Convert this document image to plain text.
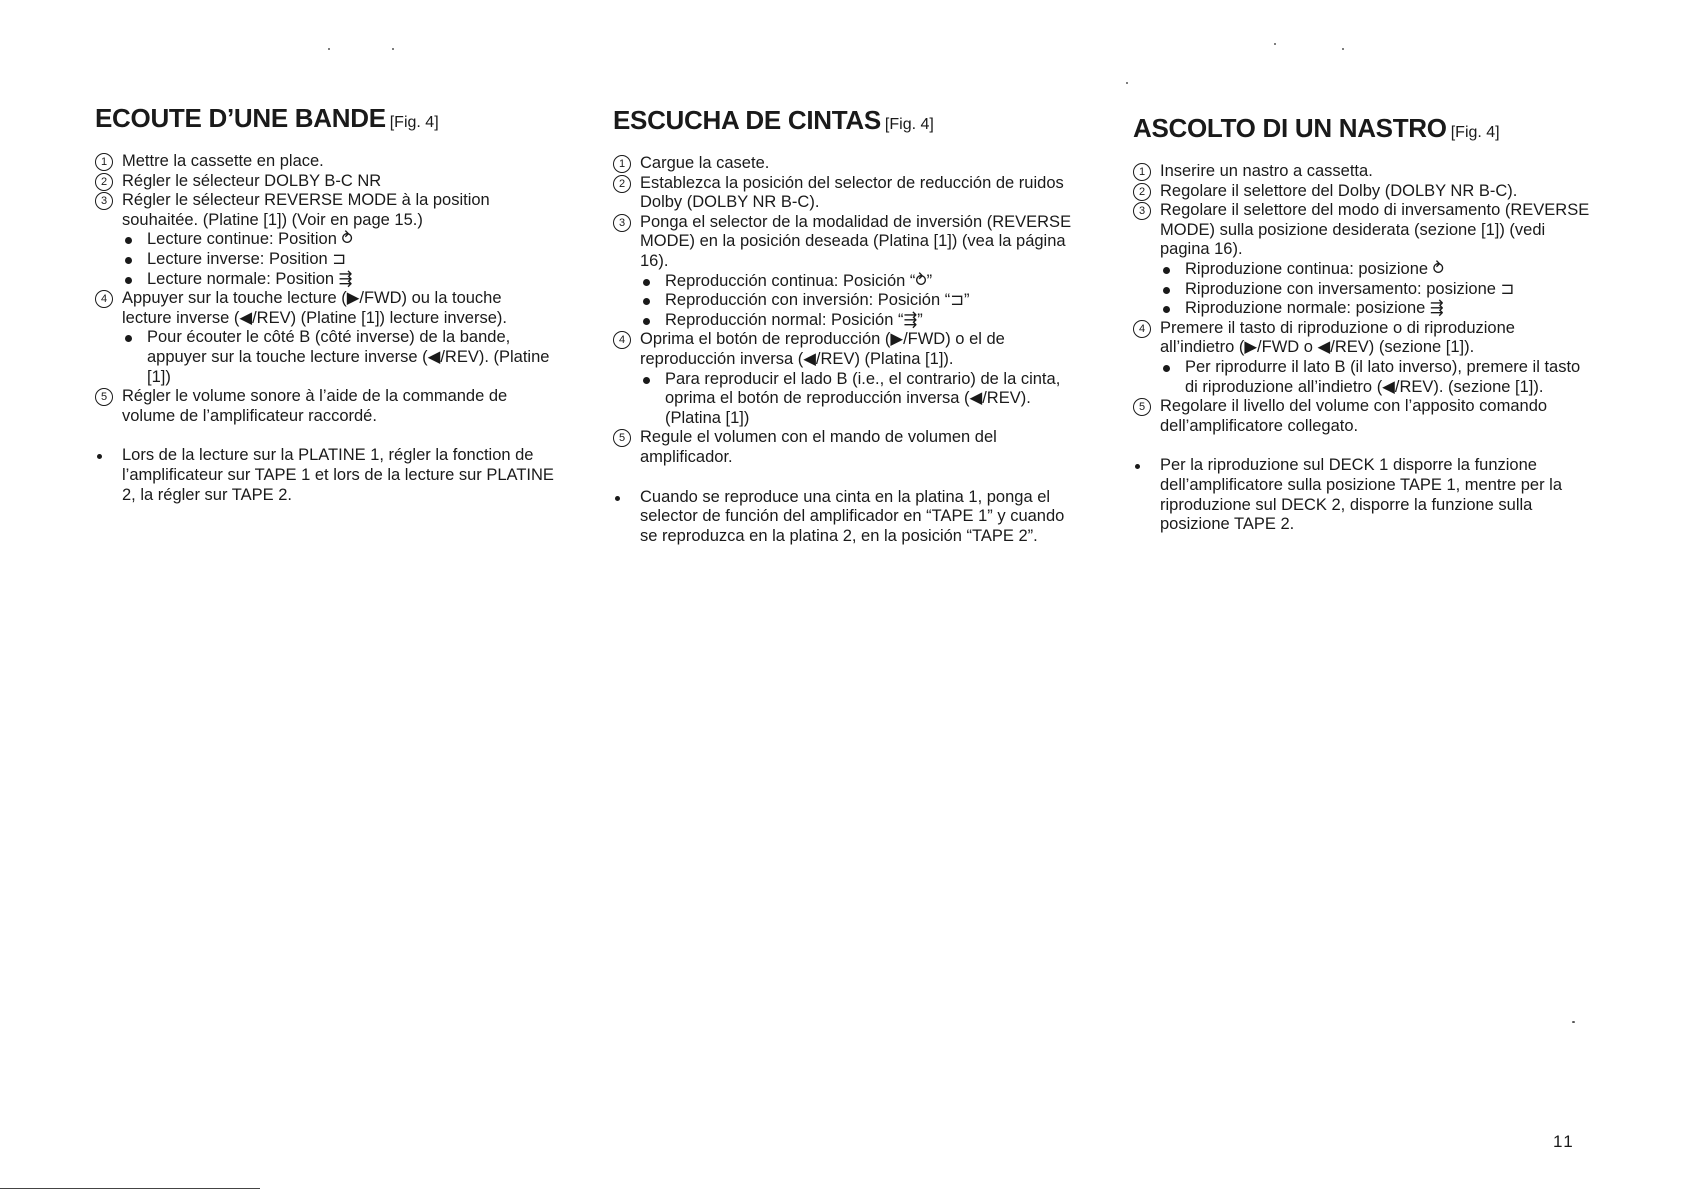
ECOUTE D’UNE BANDE [Fig. 4]
1 Mettre la cassette en place.
2 Régler le sélecteur DOLBY B-C NR
3 Régler le sélecteur REVERSE MODE à la position souhaitée. (Platine [1]) (Voir en page 15.)
Lecture continue: Position ⥁
Lecture inverse: Position ⊐
Lecture normale: Position ⇶
4 Appuyer sur la touche lecture (▶/FWD) ou la touche lecture inverse (◀/REV) (Platine [1]) lecture inverse).
Pour écouter le côté B (côté inverse) de la bande, appuyer sur la touche lecture inverse (◀/REV). (Platine [1])
5 Régler le volume sonore à l’aide de la commande de volume de l’amplificateur raccordé.
Lors de la lecture sur la PLATINE 1, régler la fonction de l’amplificateur sur TAPE 1 et lors de la lecture sur PLATINE 2, la régler sur TAPE 2.
ESCUCHA DE CINTAS [Fig. 4]
1 Cargue la casete.
2 Establezca la posición del selector de reducción de ruidos Dolby (DOLBY NR B-C).
3 Ponga el selector de la modalidad de inversión (REVERSE MODE) en la posición deseada (Platina [1]) (vea la página 16).
Reproducción continua: Posición “⥁”
Reproducción con inversión: Posición “⊐”
Reproducción normal: Posición “⇶”
4 Oprima el botón de reproducción (▶/FWD) o el de reproducción inversa (◀/REV) (Platina [1]).
Para reproducir el lado B (i.e., el contrario) de la cinta, oprima el botón de reproducción inversa (◀/REV). (Platina [1])
5 Regule el volumen con el mando de volumen del amplificador.
Cuando se reproduce una cinta en la platina 1, ponga el selector de función del amplificador en “TAPE 1” y cuando se reproduzca en la platina 2, en la posición “TAPE 2”.
ASCOLTO DI UN NASTRO [Fig. 4]
1 Inserire un nastro a cassetta.
2 Regolare il selettore del Dolby (DOLBY NR B-C).
3 Regolare il selettore del modo di inversamento (REVERSE MODE) sulla posizione desiderata (sezione [1]) (vedi pagina 16).
Riproduzione continua: posizione ⥁
Riproduzione con inversamento: posizione ⊐
Riproduzione normale: posizione ⇶
4 Premere il tasto di riproduzione o di riproduzione all’indietro (▶/FWD o ◀/REV) (sezione [1]).
Per riprodurre il lato B (il lato inverso), premere il tasto di riproduzione all’indietro (◀/REV). (sezione [1]).
5 Regolare il livello del volume con l’apposito comando dell’amplificatore collegato.
Per la riproduzione sul DECK 1 disporre la funzione dell’amplificatore sulla posizione TAPE 1, mentre per la riproduzione sul DECK 2, disporre la funzione sulla posizione TAPE 2.
11
